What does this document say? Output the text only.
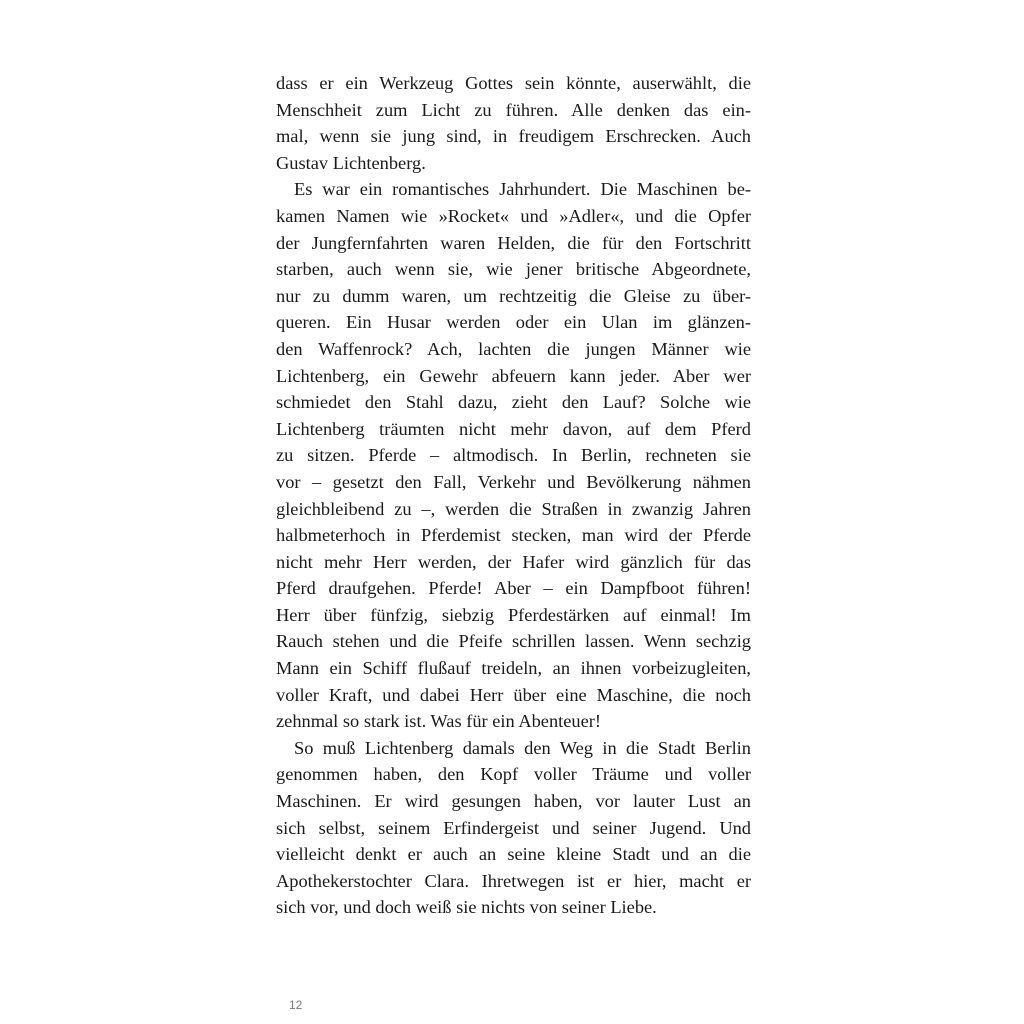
dass er ein Werkzeug Gottes sein könnte, auserwählt, die
Menschheit zum Licht zu führen. Alle denken das ein-
mal, wenn sie jung sind, in freudigem Erschrecken. Auch
Gustav Lichtenberg.
Es war ein romantisches Jahrhundert. Die Maschinen be-
kamen Namen wie »Rocket« und »Adler«, und die Opfer
der Jungfernfahrten waren Helden, die für den Fortschritt
starben, auch wenn sie, wie jener britische Abgeordnete,
nur zu dumm waren, um rechtzeitig die Gleise zu über-
queren. Ein Husar werden oder ein Ulan im glänzen-
den Waffenrock? Ach, lachten die jungen Männer wie
Lichtenberg, ein Gewehr abfeuern kann jeder. Aber wer
schmiedet den Stahl dazu, zieht den Lauf? Solche wie
Lichtenberg träumten nicht mehr davon, auf dem Pferd
zu sitzen. Pferde – altmodisch. In Berlin, rechneten sie
vor – gesetzt den Fall, Verkehr und Bevölkerung nähmen
gleichbleibend zu –, werden die Straßen in zwanzig Jahren
halbmeterhoch in Pferdemist stecken, man wird der Pferde
nicht mehr Herr werden, der Hafer wird gänzlich für das
Pferd draufgehen. Pferde! Aber – ein Dampfboot führen!
Herr über fünfzig, siebzig Pferdestärken auf einmal! Im
Rauch stehen und die Pfeife schrillen lassen. Wenn sechzig
Mann ein Schiff flußauf treideln, an ihnen vorbeizugleiten,
voller Kraft, und dabei Herr über eine Maschine, die noch
zehnmal so stark ist. Was für ein Abenteuer!
So muß Lichtenberg damals den Weg in die Stadt Berlin
genommen haben, den Kopf voller Träume und voller
Maschinen. Er wird gesungen haben, vor lauter Lust an
sich selbst, seinem Erfindergeist und seiner Jugend. Und
vielleicht denkt er auch an seine kleine Stadt und an die
Apothekerstochter Clara. Ihretwegen ist er hier, macht er
sich vor, und doch weiß sie nichts von seiner Liebe.
12
